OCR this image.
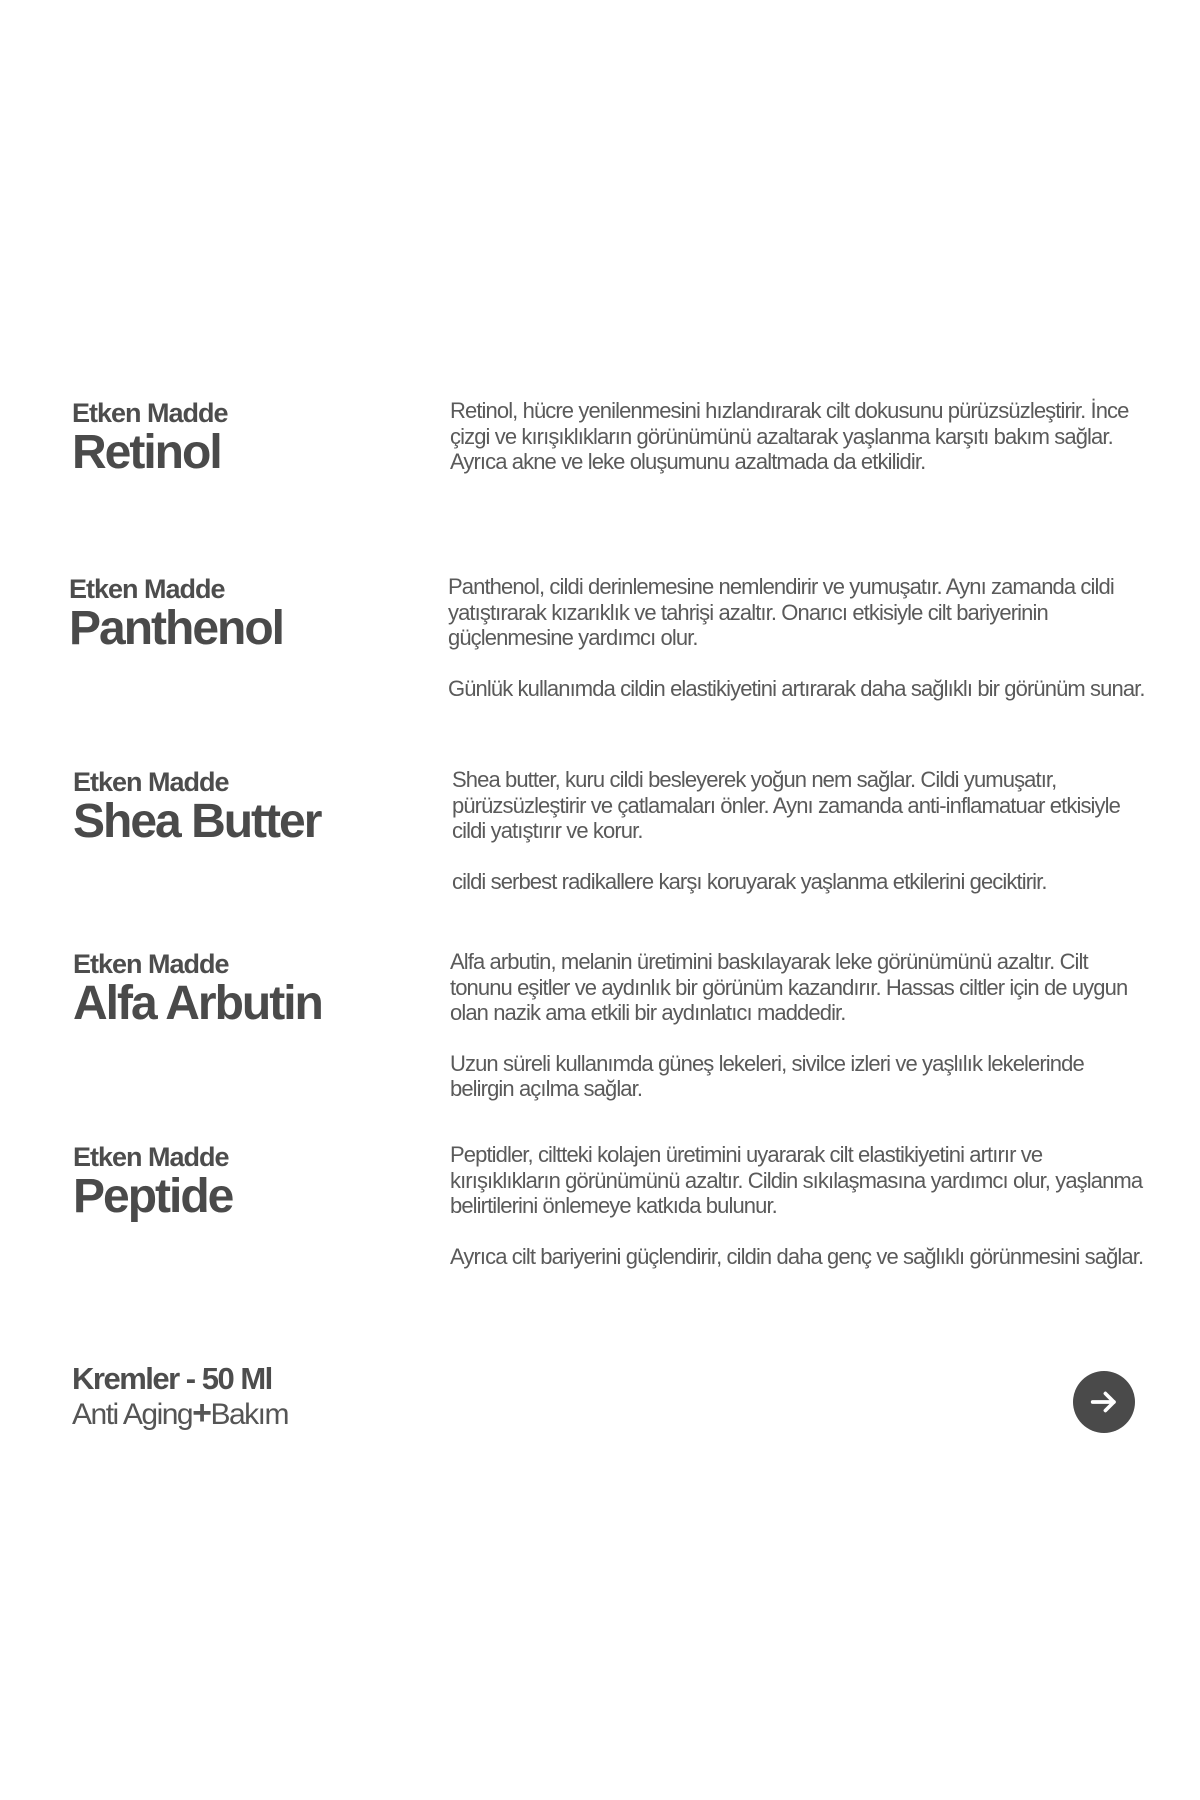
Etken Madde
Retinol

Retinol, hücre yenilenmesini hızlandırarak cilt dokusunu pürüzsüzleştirir. İnce çizgi ve kırışıklıkların görünümünü azaltarak yaşlanma karşıtı bakım sağlar. Ayrıca akne ve leke oluşumunu azaltmada da etkilidir.

Etken Madde
Panthenol

Panthenol, cildi derinlemesine nemlendirir ve yumuşatır. Aynı zamanda cildi yatıştırarak kızarıklık ve tahrişi azaltır. Onarıcı etkisiyle cilt bariyerinin güçlenmesine yardımcı olur.

Günlük kullanımda cildin elastikiyetini artırarak daha sağlıklı bir görünüm sunar.

Etken Madde
Shea Butter

Shea butter, kuru cildi besleyerek yoğun nem sağlar. Cildi yumuşatır, pürüzsüzleştirir ve çatlamaları önler. Aynı zamanda anti-inflamatuar etkisiyle cildi yatıştırır ve korur.

cildi serbest radikallere karşı koruyarak yaşlanma etkilerini geciktirir.

Etken Madde
Alfa Arbutin

Alfa arbutin, melanin üretimini baskılayarak leke görünümünü azaltır. Cilt tonunu eşitler ve aydınlık bir görünüm kazandırır. Hassas ciltler için de uygun olan nazik ama etkili bir aydınlatıcı maddedir.

Uzun süreli kullanımda güneş lekeleri, sivilce izleri ve yaşlılık lekelerinde belirgin açılma sağlar.

Etken Madde
Peptide

Peptidler, ciltteki kolajen üretimini uyararak cilt elastikiyetini artırır ve kırışıklıkların görünümünü azaltır. Cildin sıkılaşmasına yardımcı olur, yaşlanma belirtilerini önlemeye katkıda bulunur.

Ayrıca cilt bariyerini güçlendirir, cildin daha genç ve sağlıklı görünmesini sağlar.

Kremler - 50 Ml
Anti Aging+Bakım
